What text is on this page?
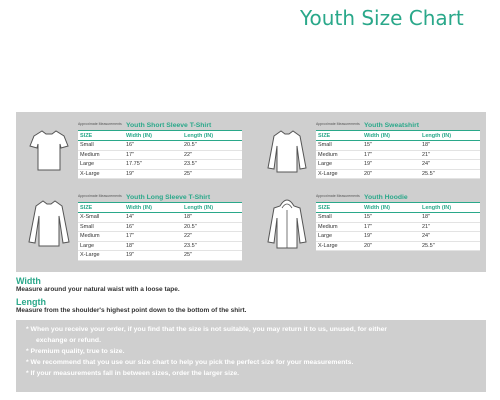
Youth Size Chart
Approximate Measurements Youth Short Sleeve T-Shirt
SIZE	Width (IN)	Length (IN)
Small	16"	20.5"
Medium	17"	22"
Large	17.75"	23.5"
X-Large	19"	25"
Approximate Measurements Youth Sweatshirt
SIZE	Width (IN)	Length (IN)
Small	15"	18"
Medium	17"	21"
Large	19"	24"
X-Large	20"	25.5"
Approximate Measurements Youth Long Sleeve T-Shirt
SIZE	Width (IN)	Length (IN)
X-Small	14"	18"
Small	16"	20.5"
Medium	17"	22"
Large	18"	23.5"
X-Large	19"	25"
Approximate Measurements Youth Hoodie
SIZE	Width (IN)	Length (IN)
Small	15"	18"
Medium	17"	21"
Large	19"	24"
X-Large	20"	25.5"
Width

Measure around your natural waist with a loose tape.

Length

Measure from the shoulder's highest point down to the bottom of the shirt.

* When you receive your order, if you find that the size is not suitable, you may return it to us, unused, for either
exchange or refund.
* Premium quality, true to size.
* We recommend that you use our size chart to help you pick the perfect size for your measurements.
* If your measurements fall in between sizes, order the larger size.
